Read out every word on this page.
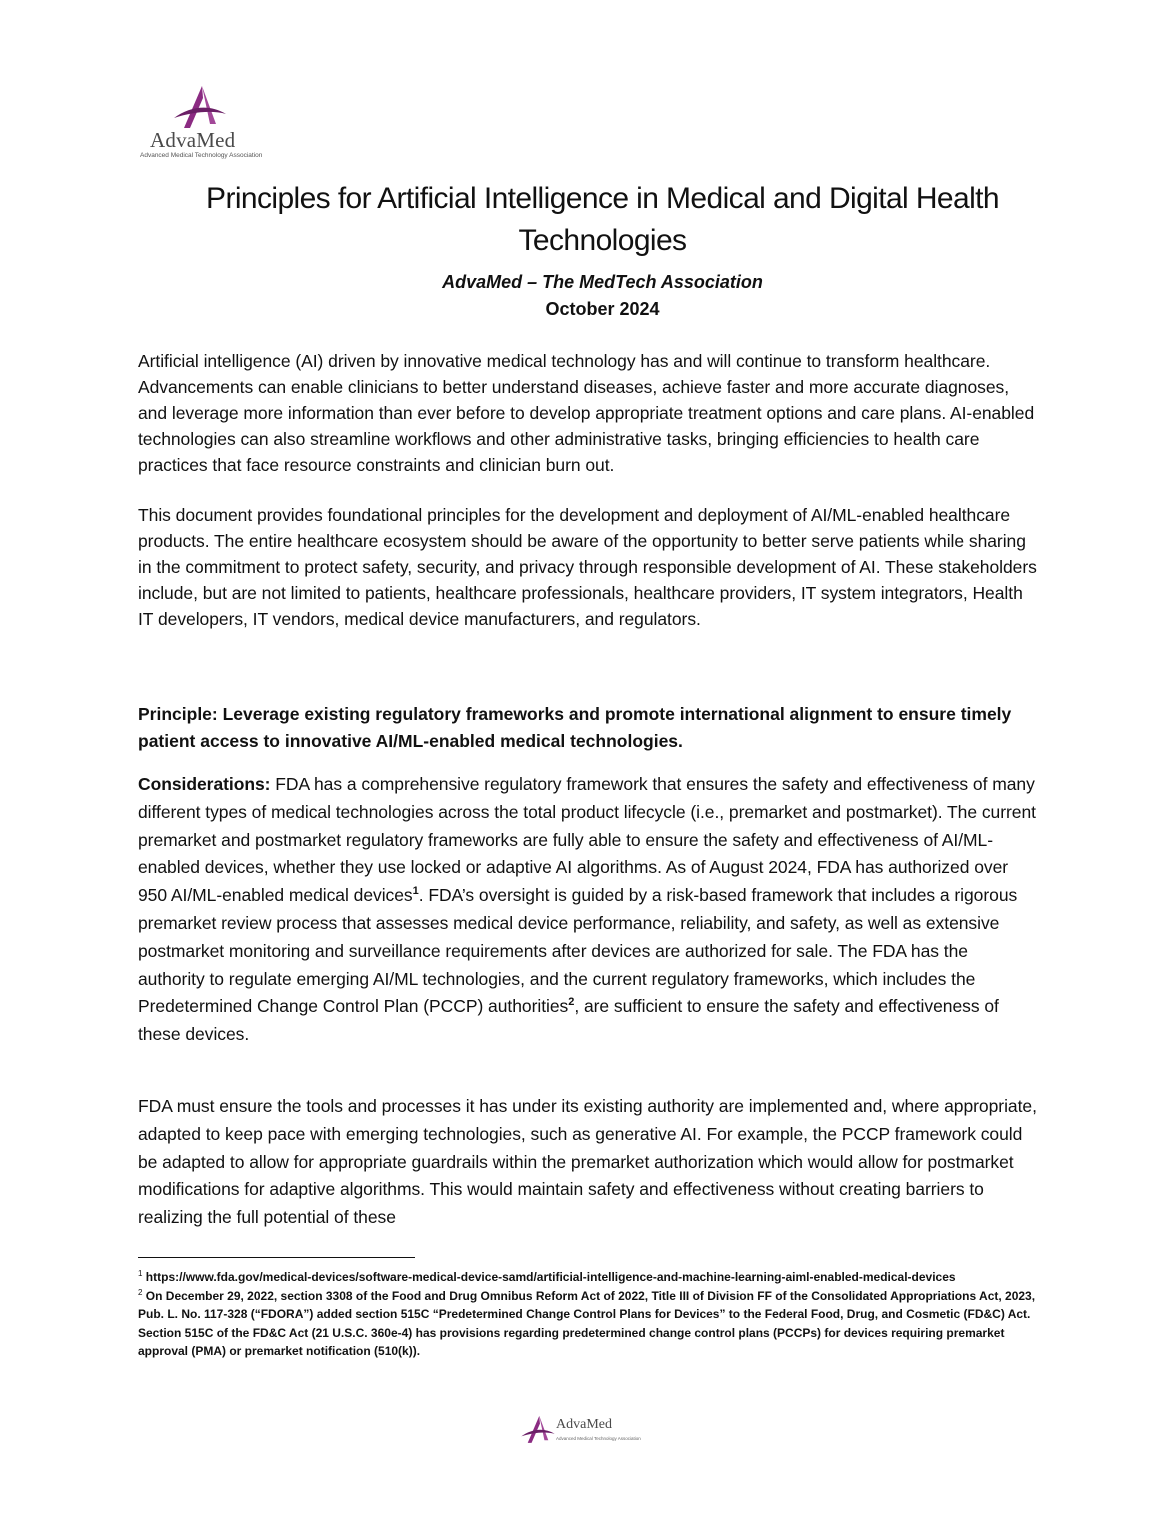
AdvaMed
Advanced Medical Technology Association
Principles for Artificial Intelligence in Medical and Digital Health Technologies
AdvaMed – The MedTech Association
October 2024

Artificial intelligence (AI) driven by innovative medical technology has and will continue to transform healthcare. Advancements can enable clinicians to better understand diseases, achieve faster and more accurate diagnoses, and leverage more information than ever before to develop appropriate treatment options and care plans. AI-enabled technologies can also streamline workflows and other administrative tasks, bringing efficiencies to health care practices that face resource constraints and clinician burn out.

This document provides foundational principles for the development and deployment of AI/ML-enabled healthcare products. The entire healthcare ecosystem should be aware of the opportunity to better serve patients while sharing in the commitment to protect safety, security, and privacy through responsible development of AI. These stakeholders include, but are not limited to patients, healthcare professionals, healthcare providers, IT system integrators, Health IT developers, IT vendors, medical device manufacturers, and regulators.

Principle: Leverage existing regulatory frameworks and promote international alignment to ensure timely patient access to innovative AI/ML-enabled medical technologies.

Considerations: FDA has a comprehensive regulatory framework that ensures the safety and effectiveness of many different types of medical technologies across the total product lifecycle (i.e., premarket and postmarket). The current premarket and postmarket regulatory frameworks are fully able to ensure the safety and effectiveness of AI/ML-enabled devices, whether they use locked or adaptive AI algorithms. As of August 2024, FDA has authorized over 950 AI/ML-enabled medical devices$^1$. FDA’s oversight is guided by a risk-based framework that includes a rigorous premarket review process that assesses medical device performance, reliability, and safety, as well as extensive postmarket monitoring and surveillance requirements after devices are authorized for sale. The FDA has the authority to regulate emerging AI/ML technologies, and the current regulatory frameworks, which includes the Predetermined Change Control Plan (PCCP) authorities$^2$, are sufficient to ensure the safety and effectiveness of these devices.

FDA must ensure the tools and processes it has under its existing authority are implemented and, where appropriate, adapted to keep pace with emerging technologies, such as generative AI. For example, the PCCP framework could be adapted to allow for appropriate guardrails within the premarket authorization which would allow for postmarket modifications for adaptive algorithms. This would maintain safety and effectiveness without creating barriers to realizing the full potential of these

$^1$ https://www.fda.gov/medical-devices/software-medical-device-samd/artificial-intelligence-and-machine-learning-aiml-enabled-medical-devices

$^2$ On December 29, 2022, section 3308 of the Food and Drug Omnibus Reform Act of 2022, Title III of Division FF of the Consolidated Appropriations Act, 2023, Pub. L. No. 117-328 (“FDORA”) added section 515C “Predetermined Change Control Plans for Devices” to the Federal Food, Drug, and Cosmetic (FD&C) Act. Section 515C of the FD&C Act (21 U.S.C. 360e-4) has provisions regarding predetermined change control plans (PCCPs) for devices requiring premarket approval (PMA) or premarket notification (510(k)).

AdvaMed
Advanced Medical Technology Association
